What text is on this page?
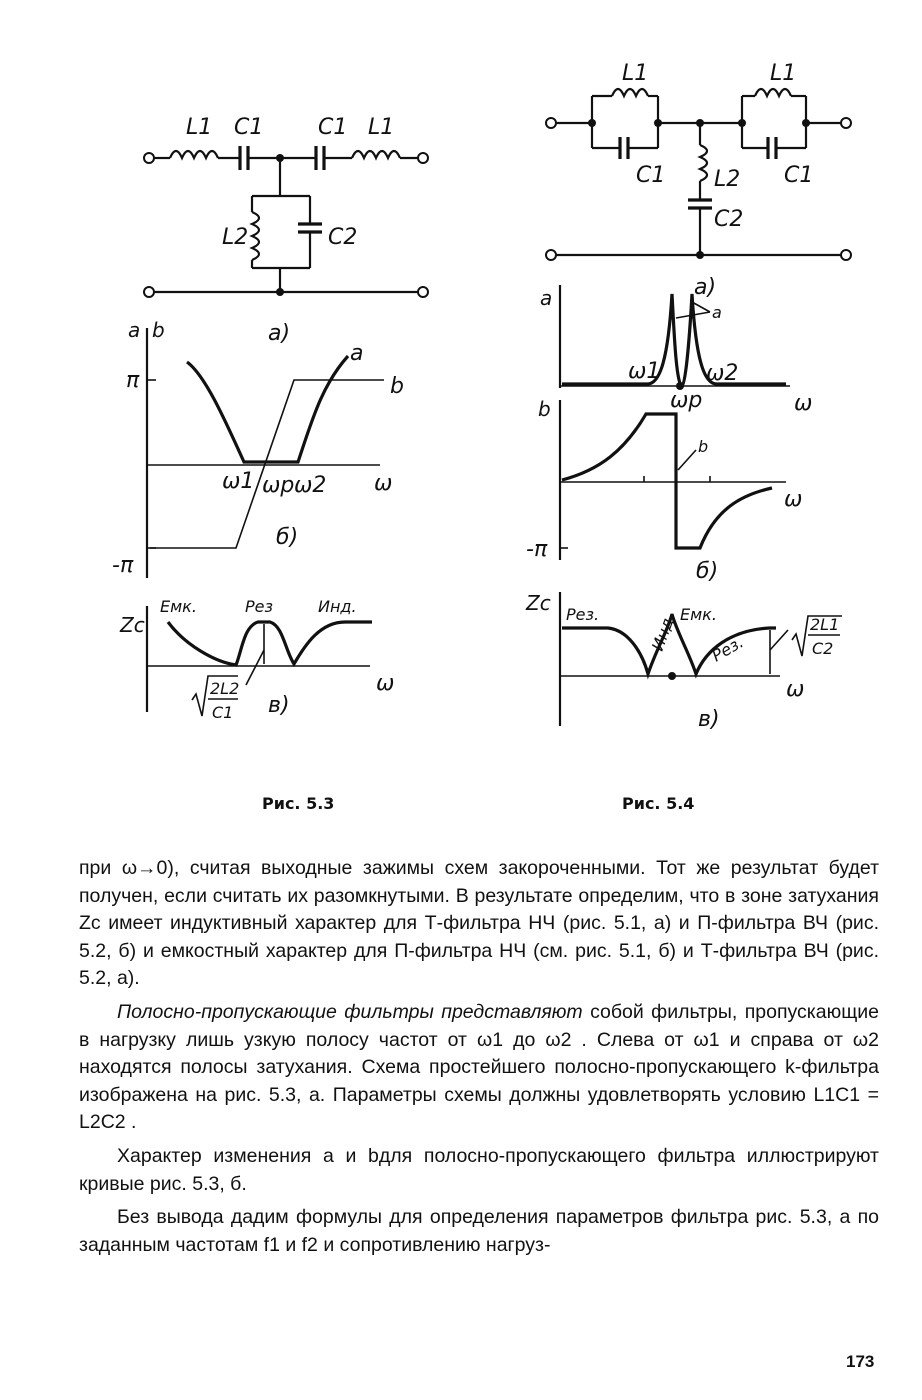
L1 C1 C1 L1
L2	C2
а)
a b
π
-π
a
b
ω1 ωp ω2 ω
б)
Zc
Емк.	Рез	Инд.
2L2
C1
ω
в)
L1	L1
C1	C1
L2
C2
а)
a
a
ω1 ω2
ωp	ω
b
b
-π
ω
б)
Zc Рез.
Инд
Емк.
Рез.
2L1
C2
ω
в)
Рис. 5.3	Рис. 5.4

при ω→0), считая выходные зажимы схем закороченными. Тот же результат будет получен, если считать их разомкнутыми. В результате определим, что в зоне затухания Zc имеет индуктивный характер для Т-фильтра НЧ (рис. 5.1, а) и П-фильтра ВЧ (рис. 5.2, б) и емкостный характер для П-фильтра НЧ (см. рис. 5.1, б) и Т-фильтра ВЧ (рис. 5.2, а).

Полосно-пропускающие фильтры представляют собой фильтры, пропускающие в нагрузку лишь узкую полосу частот от ω1 до ω2 . Слева от ω1 и справа от ω2 находятся полосы затухания. Схема простейшего полосно-пропускающего k-фильтра изображена на рис. 5.3, а. Параметры схемы должны удовлетворять условию L1C1 = L2C2 .

Характер изменения a и bдля полосно-пропускающего фильтра иллюстрируют кривые рис. 5.3, б.

Без вывода дадим формулы для определения параметров фильтра рис. 5.3, а по заданным частотам f1 и f2 и сопротивлению нагруз-

173
